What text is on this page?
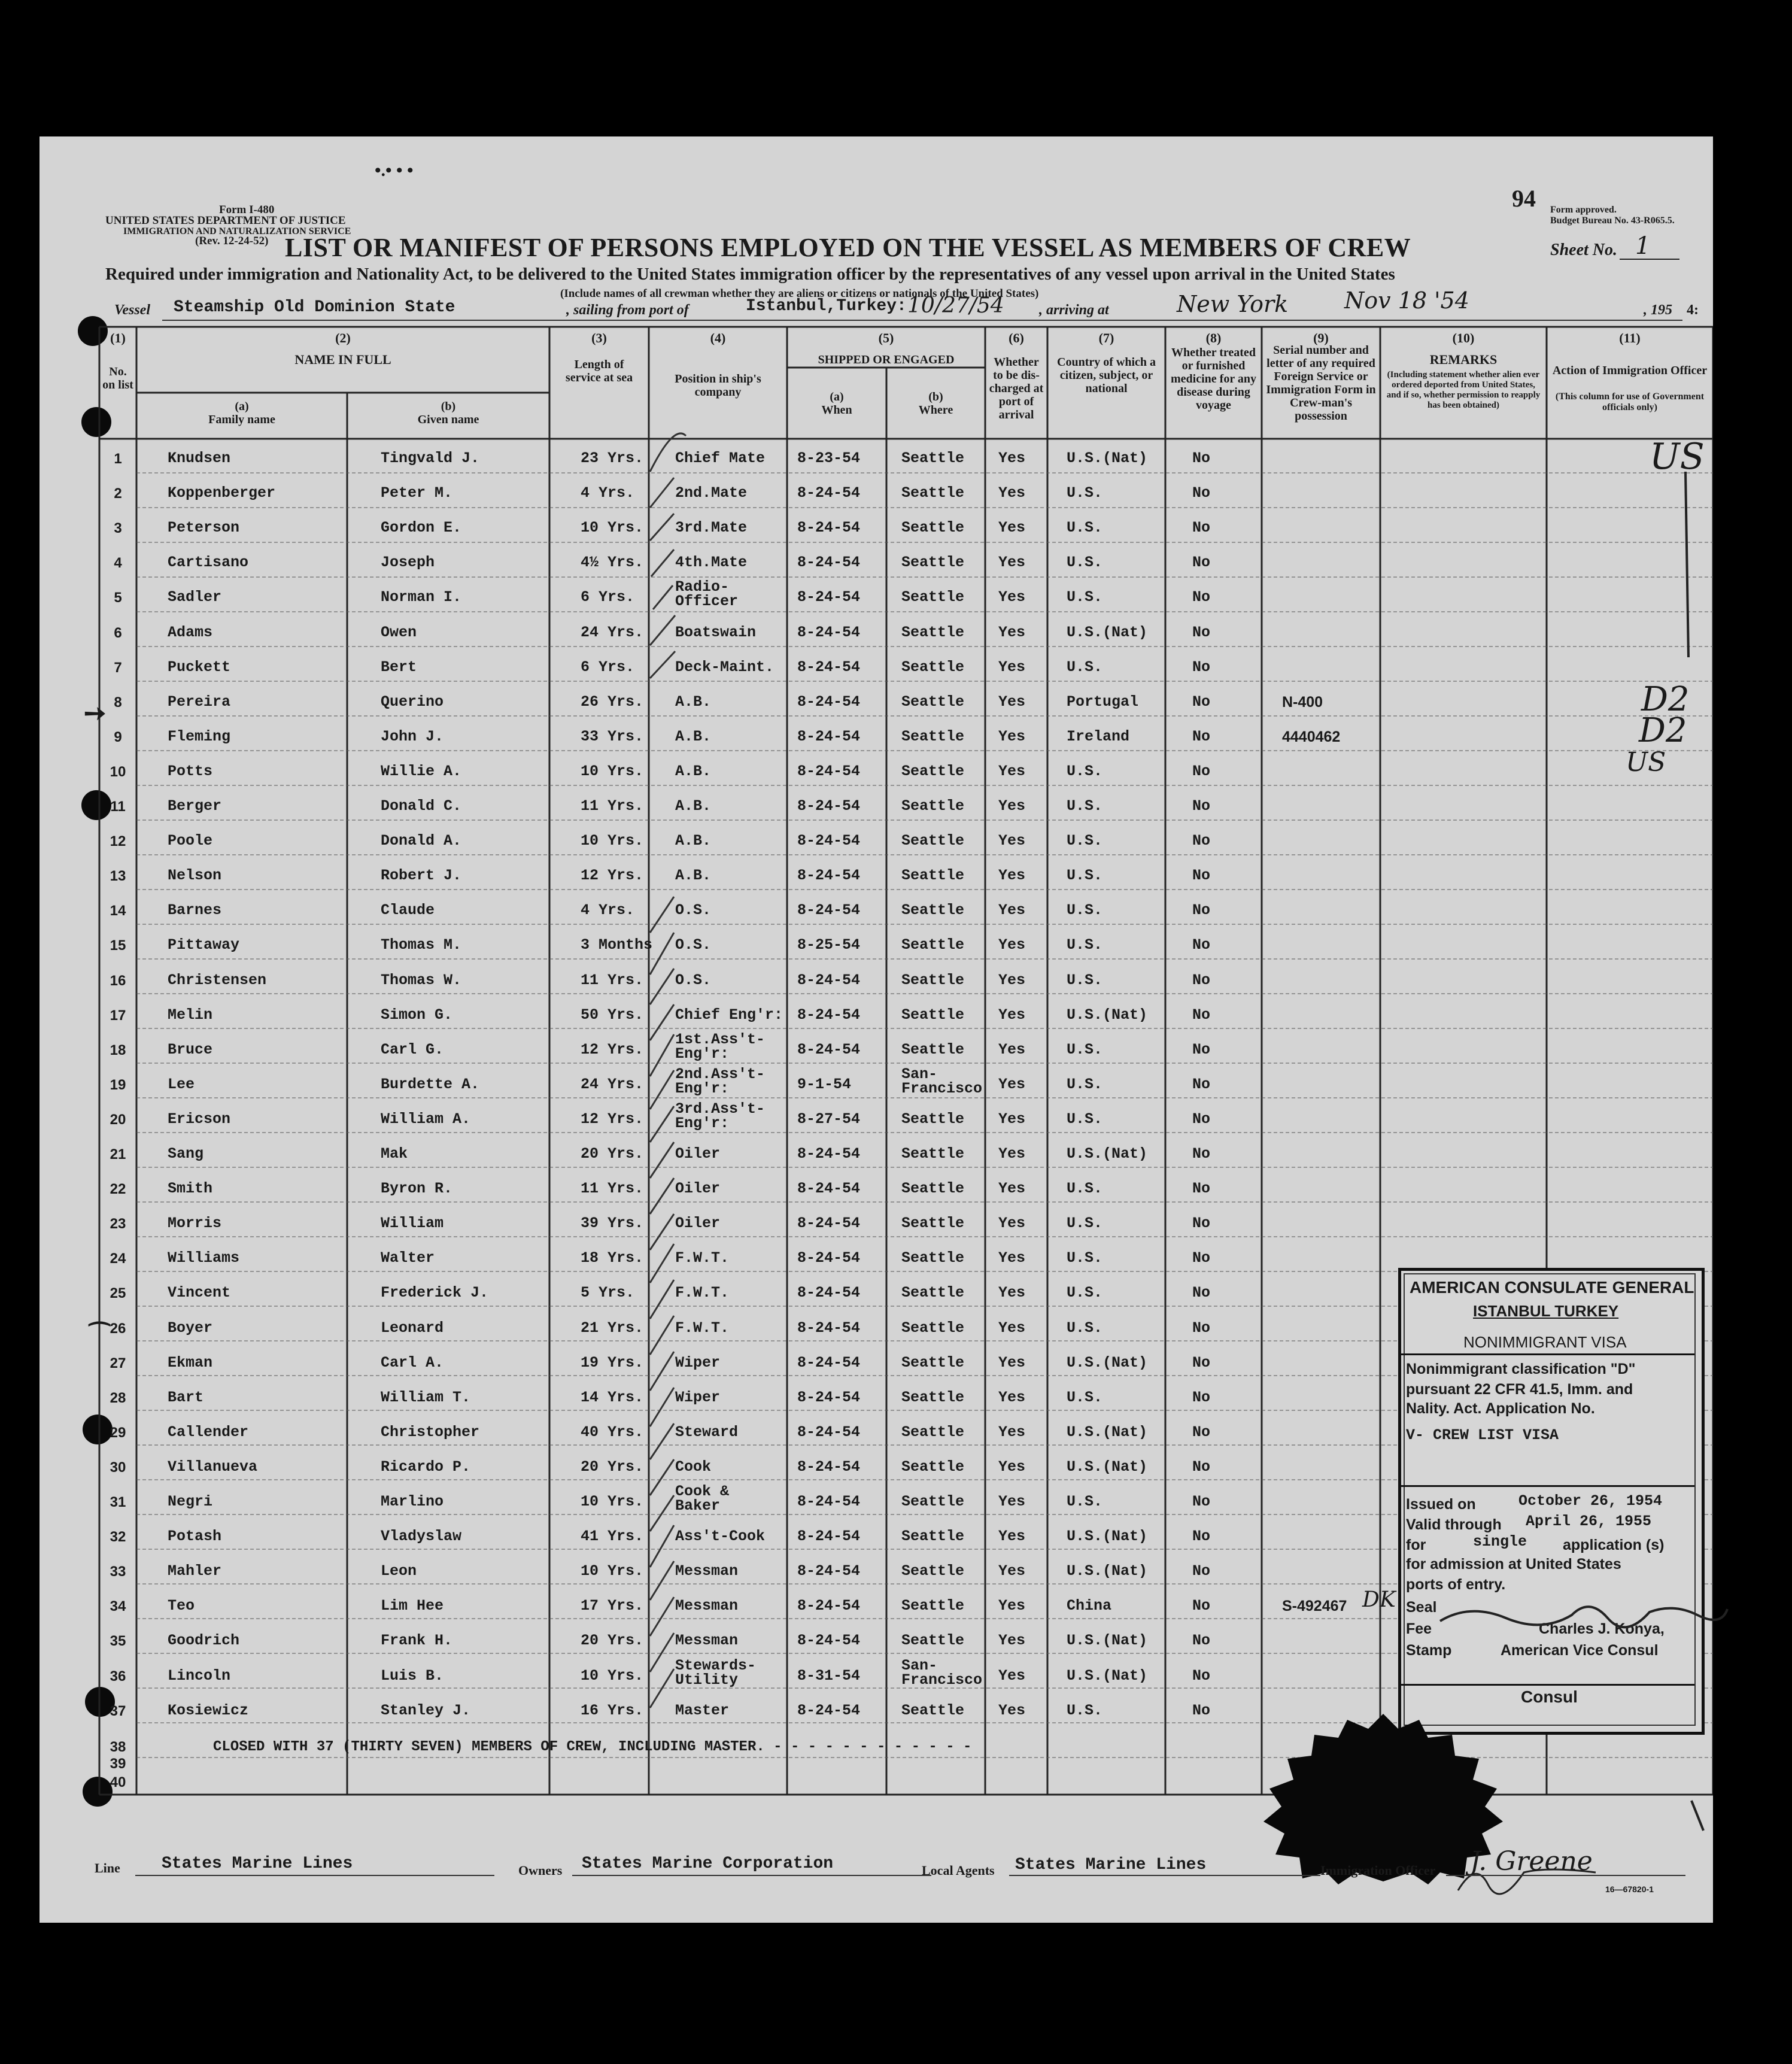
•.• • •
Form I-480
UNITED STATES DEPARTMENT OF JUSTICE
IMMIGRATION AND NATURALIZATION SERVICE
(Rev. 12-24-52)
94 Form approved.
Budget Bureau No. 43-R065.5.
LIST OR MANIFEST OF PERSONS EMPLOYED ON THE VESSEL AS MEMBERS OF CREW	Sheet No. 1
Required under immigration and Nationality Act, to be delivered to the United States immigration officer by the representatives of any vessel upon arrival in the United States
(Include names of all crewman whether they are aliens or citizens or nationals of the United States)
Vessel Steamship Old Dominion State	, sailing from port of	Istanbul,Turkey: 10/27/54 , arriving at	New York Nov 18 '54	, 195 4:
(1)
No. on list
(2)
NAME IN FULL
(a)
Family name
(b)
Given name
(3)
Length of service at sea
(4)
Position in ship's company
(5)
SHIPPED OR ENGAGED
(a)
When
(b)
Where
(6)
Whether to be dis-charged at port of arrival
(7)
Country of which a citizen, subject, or national
(8)
Whether treated or furnished medicine for any disease during voyage
(9)
Serial number and letter of any required Foreign Service or Immigration Form in Crew-man's possession
(10)
REMARKS
(Including statement whether alien ever ordered deported from United States, and if so, whether permission to reapply has been obtained)
(11)
Action of Immigration Officer
(This column for use of Government officials only)
1	Knudsen	Tingvald J.	23 Yrs. Chief Mate 8-23-54	Seattle Yes	U.S.(Nat)	No
2	Koppenberger	Peter M.	4 Yrs.	2nd.Mate	8-24-54	Seattle Yes	U.S.	No
3	Peterson	Gordon E.	10 Yrs. 3rd.Mate	8-24-54	Seattle Yes	U.S.	No
4	Cartisano	Joseph	4½ Yrs. 4th.Mate	8-24-54	Seattle Yes	U.S.	No
5	Sadler	Norman I.	6 Yrs.
Radio-
Officer	8-24-54	Seattle Yes	U.S.	No
6	Adams	Owen	24 Yrs. Boatswain	8-24-54	Seattle Yes	U.S.(Nat)	No
7	Puckett	Bert	6 Yrs.	Deck-Maint. 8-24-54	Seattle Yes	U.S.	No
8	Pereira	Querino	26 Yrs. A.B.	8-24-54	Seattle Yes	Portugal	No	N-400
9	Fleming	John J.	33 Yrs. A.B.	8-24-54	Seattle Yes	Ireland	No	4440462
10	Potts	Willie A.	10 Yrs. A.B.	8-24-54	Seattle Yes	U.S.	No
11	Berger	Donald C.	11 Yrs. A.B.	8-24-54	Seattle Yes	U.S.	No
12	Poole	Donald A.	10 Yrs. A.B.	8-24-54	Seattle Yes	U.S.	No
13	Nelson	Robert J.	12 Yrs. A.B.	8-24-54	Seattle Yes	U.S.	No
14	Barnes	Claude	4 Yrs.	O.S.	8-24-54	Seattle Yes	U.S.	No
15	Pittaway	Thomas M.	3 Months O.S.	8-25-54	Seattle Yes	U.S.	No
16	Christensen	Thomas W.	11 Yrs. O.S.	8-24-54	Seattle Yes	U.S.	No
17	Melin	Simon G.	50 Yrs. Chief Eng'r: 8-24-54	Seattle Yes	U.S.(Nat)	No
18	Bruce	Carl G.	12 Yrs.
1st.Ass't-
Eng'r:	8-24-54	Seattle Yes	U.S.	No
19	Lee	Burdette A.	24 Yrs.
2nd.Ass't-
Eng'r:	9-1-54
San-
Francisco Yes	U.S.	No
20	Ericson	William A.	12 Yrs.
3rd.Ass't-
Eng'r:	8-27-54	Seattle Yes	U.S.	No
21	Sang	Mak	20 Yrs. Oiler	8-24-54	Seattle Yes	U.S.(Nat)	No
22	Smith	Byron R.	11 Yrs. Oiler	8-24-54	Seattle Yes	U.S.	No
23	Morris	William	39 Yrs. Oiler	8-24-54	Seattle Yes	U.S.	No
24	Williams	Walter	18 Yrs. F.W.T.	8-24-54	Seattle Yes	U.S.	No
25	Vincent	Frederick J.	5 Yrs.	F.W.T.	8-24-54	Seattle Yes	U.S.	No
26	Boyer	Leonard	21 Yrs. F.W.T.	8-24-54	Seattle Yes	U.S.	No
27	Ekman	Carl A.	19 Yrs. Wiper	8-24-54	Seattle Yes	U.S.(Nat)	No
28	Bart	William T.	14 Yrs. Wiper	8-24-54	Seattle Yes	U.S.	No
29	Callender	Christopher	40 Yrs. Steward	8-24-54	Seattle Yes	U.S.(Nat)	No
30	Villanueva	Ricardo P.	20 Yrs. Cook	8-24-54	Seattle Yes	U.S.(Nat)	No
31	Negri	Marlino	10 Yrs.
Cook &
Baker	8-24-54	Seattle Yes	U.S.	No
32	Potash	Vladyslaw	41 Yrs. Ass't-Cook 8-24-54	Seattle Yes	U.S.(Nat)	No
33	Mahler	Leon	10 Yrs. Messman	8-24-54	Seattle Yes	U.S.(Nat)	No
34	Teo	Lim Hee	17 Yrs. Messman	8-24-54	Seattle Yes	China	No	S-492467
35	Goodrich	Frank H.	20 Yrs. Messman	8-24-54	Seattle Yes	U.S.(Nat)	No
36	Lincoln	Luis B.	10 Yrs.
Stewards-
Utility	8-31-54
San-
Francisco Yes	U.S.(Nat)	No
37	Kosiewicz	Stanley J.	16 Yrs. Master	8-24-54	Seattle Yes	U.S.	No
38
39
40
CLOSED WITH 37 (THIRTY SEVEN) MEMBERS OF CREW, INCLUDING MASTER. - - - - - - - - - - - -
US
D2
D2
US
DK
➙
⁀
AMERICAN CONSULATE GENERAL
ISTANBUL TURKEY
NONIMMIGRANT VISA
Nonimmigrant classification "D"
pursuant 22 CFR 41.5, Imm. and
Nality. Act. Application No.
V- CREW LIST VISA
Issued on	October 26, 1954
Valid through April 26, 1955
for	single application (s)
for admission at United States
ports of entry.
Seal
Fee
Stamp
Charles J. Konya,
American Vice Consul
Consul
Line States Marine Lines	Owners States Marine Corporation	Local Agents States Marine Lines	Immigration Officer J. Greene
16—67820-1
